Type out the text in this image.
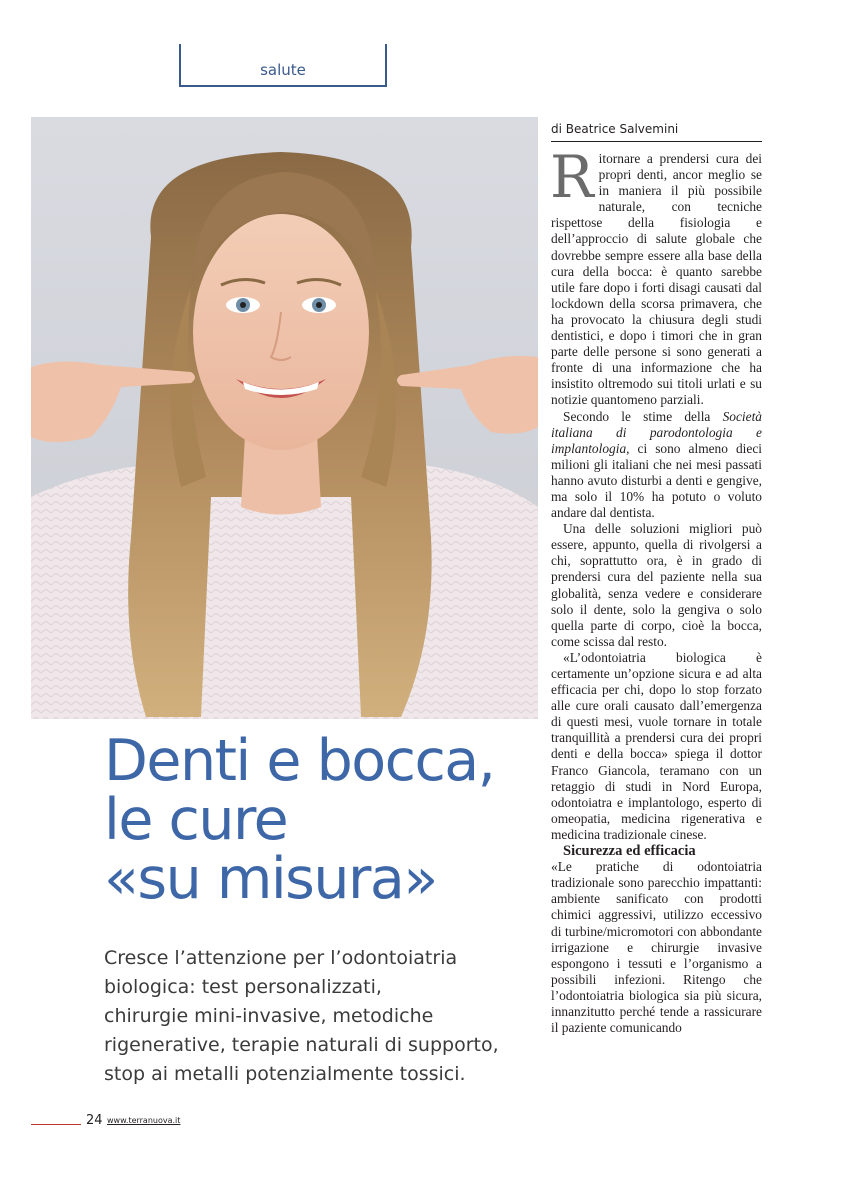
salute
di Beatrice Salvemini

Ritornare a prendersi cura dei propri denti, ancor meglio se in maniera il più possibile naturale, con tecniche rispettose della fisiologia e dell’approccio di salute globale che dovrebbe sempre essere alla base della cura della bocca: è quanto sarebbe utile fare dopo i forti disagi causati dal lockdown della scorsa primavera, che ha provocato la chiusura degli studi dentistici, e dopo i timori che in gran parte delle persone si sono generati a fronte di una informazione che ha insistito oltremodo sui titoli urlati e su notizie quantomeno parziali.

Secondo le stime della Società italiana di parodontologia e implantologia, ci sono almeno dieci milioni gli italiani che nei mesi passati hanno avuto disturbi a denti e gengive, ma solo il 10% ha potuto o voluto andare dal dentista.

Una delle soluzioni migliori può essere, appunto, quella di rivolgersi a chi, soprattutto ora, è in grado di prendersi cura del paziente nella sua globalità, senza vedere e considerare solo il dente, solo la gengiva o solo quella parte di corpo, cioè la bocca, come scissa dal resto.

«L’odontoiatria biologica è certamente un’opzione sicura e ad alta efficacia per chi, dopo lo stop forzato alle cure orali causato dall’emergenza di questi mesi, vuole tornare in totale tranquillità a prendersi cura dei propri denti e della bocca» spiega il dottor Franco Giancola, teramano con un retaggio di studi in Nord Europa, odontoiatra e implantologo, esperto di omeopatia, medicina rigenerativa e medicina tradizionale cinese.

Sicurezza ed efficacia

«Le pratiche di odontoiatria tradizionale sono parecchio impattanti: ambiente sanificato con prodotti chimici aggressivi, utilizzo eccessivo di turbine/micromotori con abbondante irrigazione e chirurgie invasive espongono i tessuti e l’organismo a possibili infezioni. Ritengo che l’odontoiatria biologica sia più sicura, innanzitutto perché tende a rassicurare il paziente comunicando

Denti e bocca,
le cure
«su misura»

Cresce l’attenzione per l’odontoiatria
biologica: test personalizzati,
chirurgie mini-invasive, metodiche
rigenerative, terapie naturali di supporto,
stop ai metalli potenzialmente tossici.

24 www.terranuova.it
